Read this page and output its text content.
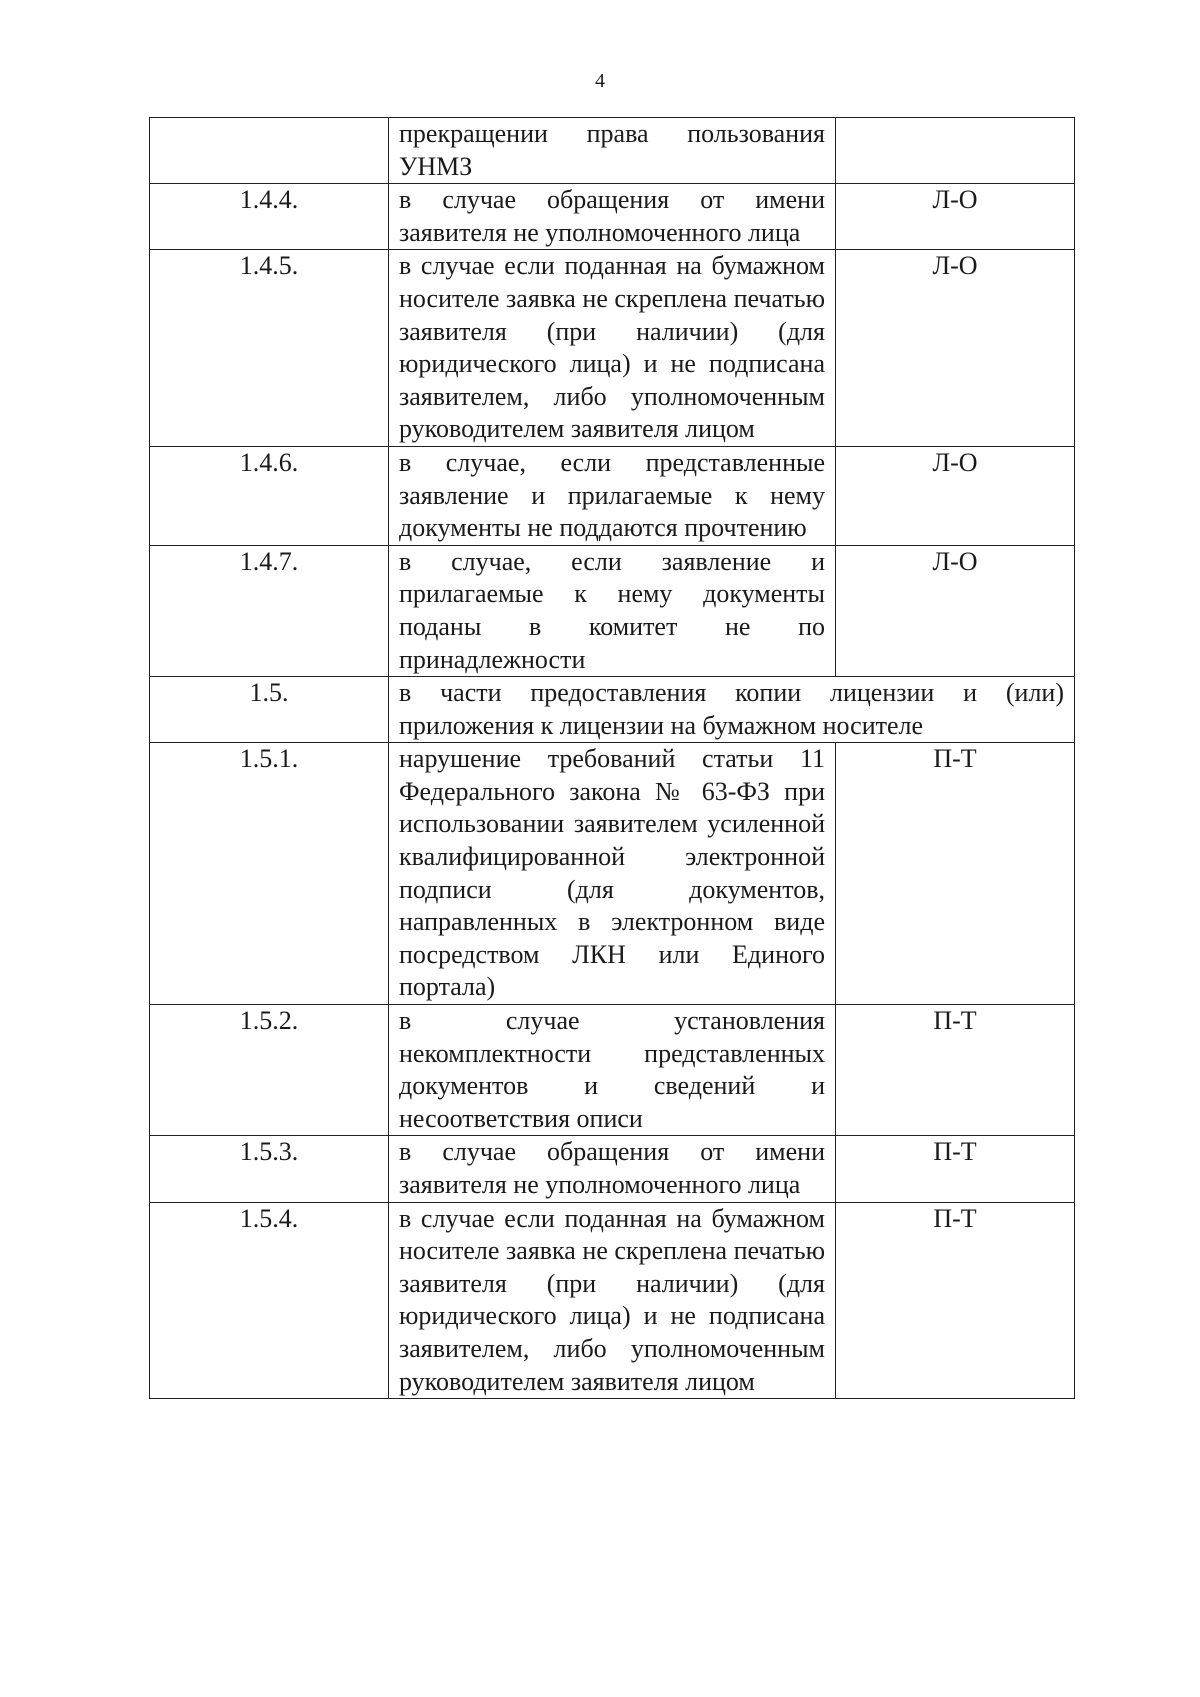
4
	прекращении права пользования УНМЗ	
1.4.4.	в случае обращения от имени заявителя не уполномоченного лица	Л-О
1.4.5.	в случае если поданная на бумажном носителе заявка не скреплена печатью заявителя (при наличии) (для юридического лица) и не подписана заявителем, либо уполномоченным руководителем заявителя лицом	Л-О
1.4.6.	в случае, если представленные заявление и прилагаемые к нему документы не поддаются прочтению	Л-О
1.4.7.	в случае, если заявление и прилагаемые к нему документы поданы в комитет не по принадлежности	Л-О
1.5.	в части предоставления копии лицензии и (или) приложения к лицензии на бумажном носителе	
1.5.1.	нарушение требований статьи 11 Федерального закона № 63-ФЗ при использовании заявителем усиленной квалифицированной электронной подписи (для документов, направленных в электронном виде посредством ЛКН или Единого портала)	П-Т
1.5.2.	в случае установления некомплектности представленных документов и сведений и несоответствия описи	П-Т
1.5.3.	в случае обращения от имени заявителя не уполномоченного лица	П-Т
1.5.4.	в случае если поданная на бумажном носителе заявка не скреплена печатью заявителя (при наличии) (для юридического лица) и не подписана заявителем, либо уполномоченным руководителем заявителя лицом	П-Т
